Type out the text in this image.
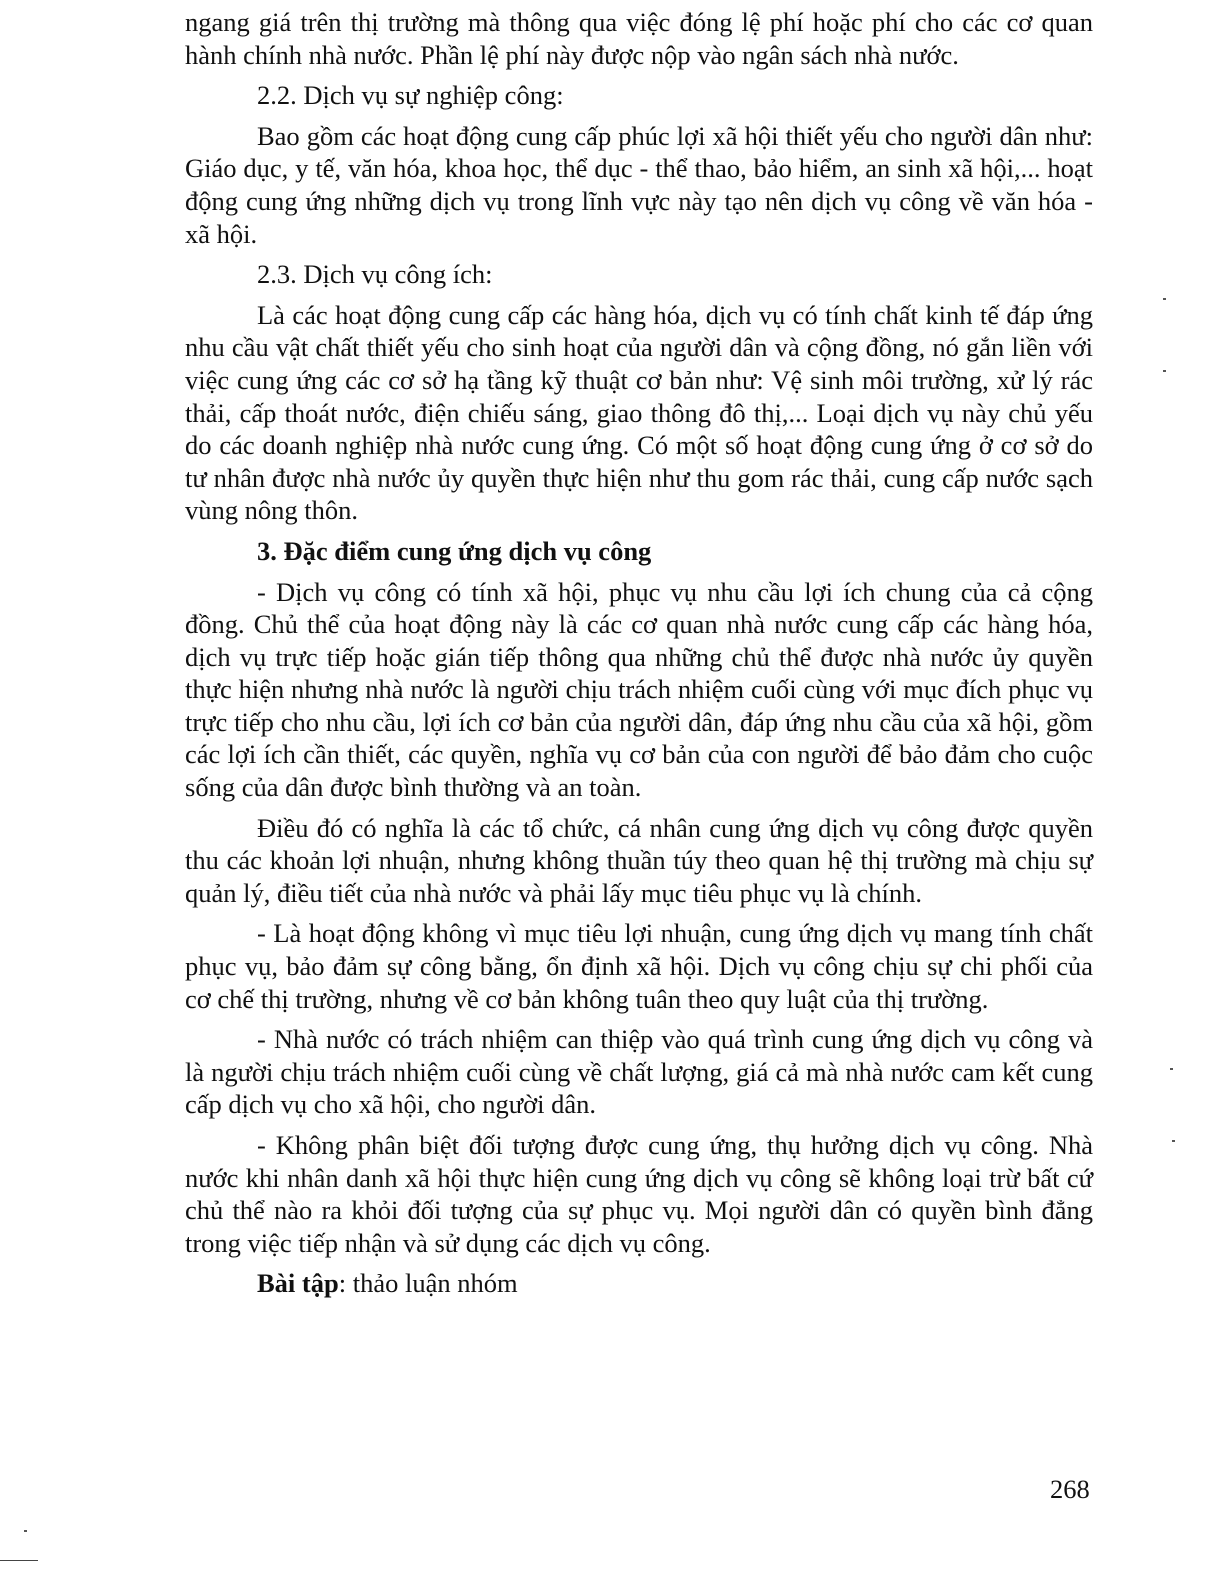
ngang giá trên thị trường mà thông qua việc đóng lệ phí hoặc phí cho các cơ quan hành chính nhà nước. Phần lệ phí này được nộp vào ngân sách nhà nước.

2.2. Dịch vụ sự nghiệp công:

Bao gồm các hoạt động cung cấp phúc lợi xã hội thiết yếu cho người dân như: Giáo dục, y tế, văn hóa, khoa học, thể dục - thể thao, bảo hiểm, an sinh xã hội,... hoạt động cung ứng những dịch vụ trong lĩnh vực này tạo nên dịch vụ công về văn hóa - xã hội.

2.3. Dịch vụ công ích:

Là các hoạt động cung cấp các hàng hóa, dịch vụ có tính chất kinh tế đáp ứng nhu cầu vật chất thiết yếu cho sinh hoạt của người dân và cộng đồng, nó gắn liền với việc cung ứng các cơ sở hạ tầng kỹ thuật cơ bản như: Vệ sinh môi trường, xử lý rác thải, cấp thoát nước, điện chiếu sáng, giao thông đô thị,... Loại dịch vụ này chủ yếu do các doanh nghiệp nhà nước cung ứng. Có một số hoạt động cung ứng ở cơ sở do tư nhân được nhà nước ủy quyền thực hiện như thu gom rác thải, cung cấp nước sạch vùng nông thôn.

3. Đặc điểm cung ứng dịch vụ công

- Dịch vụ công có tính xã hội, phục vụ nhu cầu lợi ích chung của cả cộng đồng. Chủ thể của hoạt động này là các cơ quan nhà nước cung cấp các hàng hóa, dịch vụ trực tiếp hoặc gián tiếp thông qua những chủ thể được nhà nước ủy quyền thực hiện nhưng nhà nước là người chịu trách nhiệm cuối cùng với mục đích phục vụ trực tiếp cho nhu cầu, lợi ích cơ bản của người dân, đáp ứng nhu cầu của xã hội, gồm các lợi ích cần thiết, các quyền, nghĩa vụ cơ bản của con người để bảo đảm cho cuộc sống của dân được bình thường và an toàn.

Điều đó có nghĩa là các tổ chức, cá nhân cung ứng dịch vụ công được quyền thu các khoản lợi nhuận, nhưng không thuần túy theo quan hệ thị trường mà chịu sự quản lý, điều tiết của nhà nước và phải lấy mục tiêu phục vụ là chính.

- Là hoạt động không vì mục tiêu lợi nhuận, cung ứng dịch vụ mang tính chất phục vụ, bảo đảm sự công bằng, ổn định xã hội. Dịch vụ công chịu sự chi phối của cơ chế thị trường, nhưng về cơ bản không tuân theo quy luật của thị trường.

- Nhà nước có trách nhiệm can thiệp vào quá trình cung ứng dịch vụ công và là người chịu trách nhiệm cuối cùng về chất lượng, giá cả mà nhà nước cam kết cung cấp dịch vụ cho xã hội, cho người dân.

- Không phân biệt đối tượng được cung ứng, thụ hưởng dịch vụ công. Nhà nước khi nhân danh xã hội thực hiện cung ứng dịch vụ công sẽ không loại trừ bất cứ chủ thể nào ra khỏi đối tượng của sự phục vụ. Mọi người dân có quyền bình đẳng trong việc tiếp nhận và sử dụng các dịch vụ công.

Bài tập: thảo luận nhóm

268
